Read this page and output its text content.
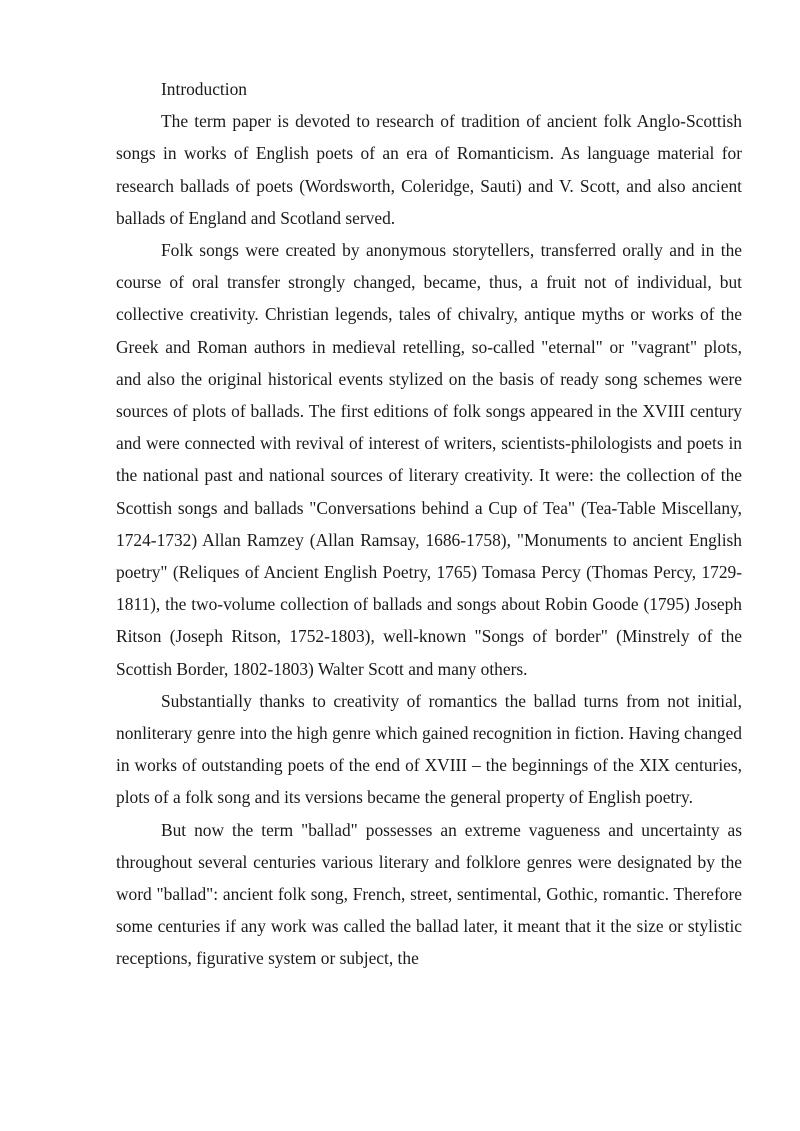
Introduction

The term paper is devoted to research of tradition of ancient folk Anglo-Scottish songs in works of English poets of an era of Romanticism. As language material for research ballads of poets (Wordsworth, Coleridge, Sauti) and V. Scott, and also ancient ballads of England and Scotland served.

Folk songs were created by anonymous storytellers, transferred orally and in the course of oral transfer strongly changed, became, thus, a fruit not of individual, but collective creativity. Christian legends, tales of chivalry, antique myths or works of the Greek and Roman authors in medieval retelling, so-called "eternal" or "vagrant" plots, and also the original historical events stylized on the basis of ready song schemes were sources of plots of ballads. The first editions of folk songs appeared in the XVIII century and were connected with revival of interest of writers, scientists-philologists and poets in the national past and national sources of literary creativity. It were: the collection of the Scottish songs and ballads "Conversations behind a Cup of Tea" (Tea-Table Miscellany, 1724-1732) Allan Ramzey (Allan Ramsay, 1686-1758), "Monuments to ancient English poetry" (Reliques of Ancient English Poetry, 1765) Tomasa Percy (Thomas Percy, 1729-1811), the two-volume collection of ballads and songs about Robin Goode (1795) Joseph Ritson (Joseph Ritson, 1752-1803), well-known "Songs of border" (Minstrely of the Scottish Border, 1802-1803) Walter Scott and many others.

Substantially thanks to creativity of romantics the ballad turns from not initial, nonliterary genre into the high genre which gained recognition in fiction. Having changed in works of outstanding poets of the end of XVIII – the beginnings of the XIX centuries, plots of a folk song and its versions became the general property of English poetry.

But now the term "ballad" possesses an extreme vagueness and uncertainty as throughout several centuries various literary and folklore genres were designated by the word "ballad": ancient folk song, French, street, sentimental, Gothic, romantic. Therefore some centuries if any work was called the ballad later, it meant that it the size or stylistic receptions, figurative system or subject, the
